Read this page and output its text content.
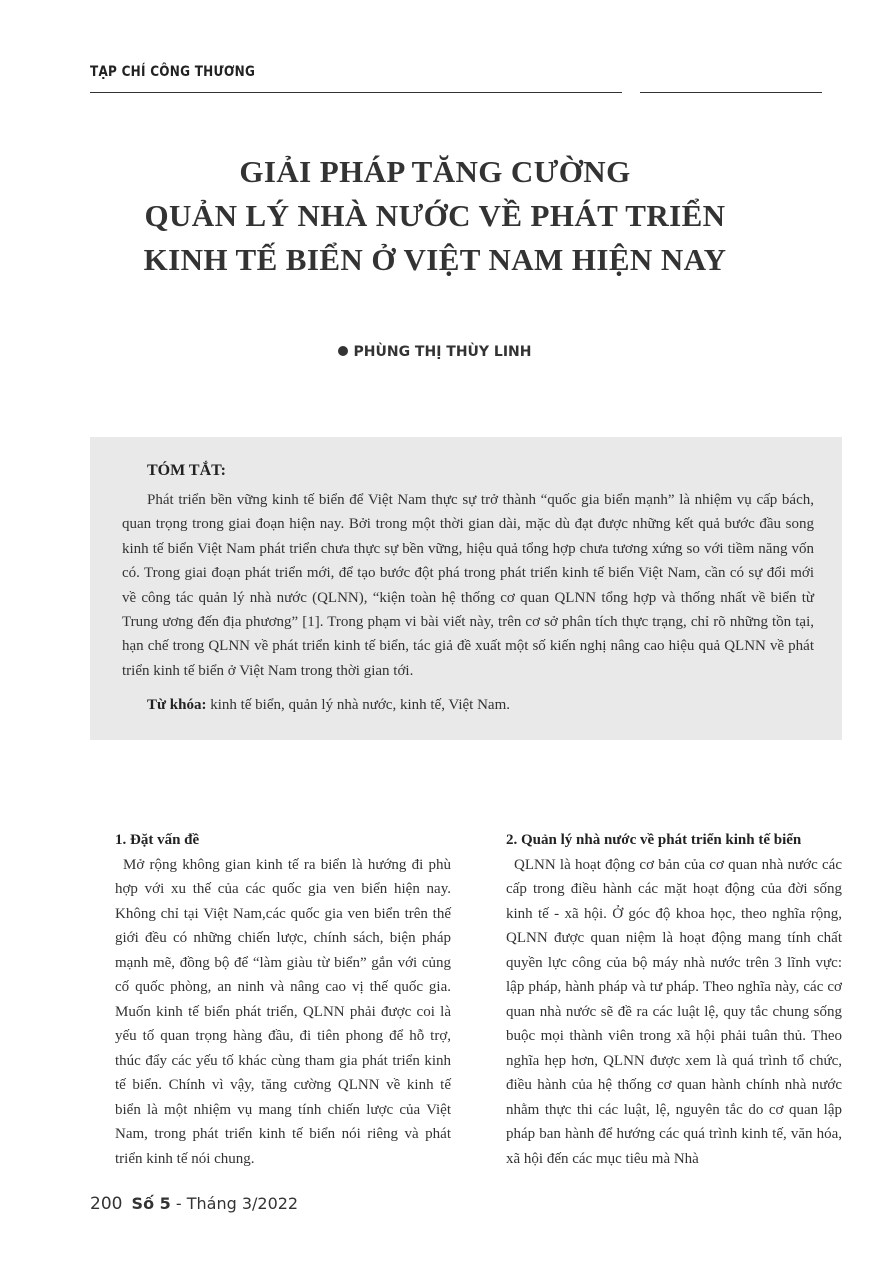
TẠP CHÍ CÔNG THƯƠNG
GIẢI PHÁP TĂNG CƯỜNG
QUẢN LÝ NHÀ NƯỚC VỀ PHÁT TRIỂN
KINH TẾ BIỂN Ở VIỆT NAM HIỆN NAY
PHÙNG THỊ THÙY LINH
TÓM TẮT:
Phát triển bền vững kinh tế biển để Việt Nam thực sự trở thành “quốc gia biển mạnh” là nhiệm vụ cấp bách, quan trọng trong giai đoạn hiện nay. Bởi trong một thời gian dài, mặc dù đạt được những kết quả bước đầu song kinh tế biển Việt Nam phát triển chưa thực sự bền vững, hiệu quả tổng hợp chưa tương xứng so với tiềm năng vốn có. Trong giai đoạn phát triển mới, để tạo bước đột phá trong phát triển kinh tế biển Việt Nam, cần có sự đổi mới về công tác quản lý nhà nước (QLNN), “kiện toàn hệ thống cơ quan QLNN tổng hợp và thống nhất về biển từ Trung ương đến địa phương” [1]. Trong phạm vi bài viết này, trên cơ sở phân tích thực trạng, chỉ rõ những tồn tại, hạn chế trong QLNN về phát triển kinh tế biển, tác giả đề xuất một số kiến nghị nâng cao hiệu quả QLNN về phát triển kinh tế biển ở Việt Nam trong thời gian tới.
Từ khóa: kinh tế biển, quản lý nhà nước, kinh tế, Việt Nam.
1. Đặt vấn đề

Mở rộng không gian kinh tế ra biển là hướng đi phù hợp với xu thế của các quốc gia ven biển hiện nay. Không chỉ tại Việt Nam,các quốc gia ven biển trên thế giới đều có những chiến lược, chính sách, biện pháp mạnh mẽ, đồng bộ để “làm giàu từ biển” gắn với củng cố quốc phòng, an ninh và nâng cao vị thế quốc gia. Muốn kinh tế biển phát triển, QLNN phải được coi là yếu tố quan trọng hàng đầu, đi tiên phong để hỗ trợ, thúc đẩy các yếu tố khác cùng tham gia phát triển kinh tế biển. Chính vì vậy, tăng cường QLNN về kinh tế biển là một nhiệm vụ mang tính chiến lược của Việt Nam, trong phát triển kinh tế biển nói riêng và phát triển kinh tế nói chung.

2. Quản lý nhà nước về phát triển kinh tế biển

QLNN là hoạt động cơ bản của cơ quan nhà nước các cấp trong điều hành các mặt hoạt động của đời sống kinh tế - xã hội. Ở góc độ khoa học, theo nghĩa rộng, QLNN được quan niệm là hoạt động mang tính chất quyền lực công của bộ máy nhà nước trên 3 lĩnh vực: lập pháp, hành pháp và tư pháp. Theo nghĩa này, các cơ quan nhà nước sẽ đề ra các luật lệ, quy tắc chung sống buộc mọi thành viên trong xã hội phải tuân thủ. Theo nghĩa hẹp hơn, QLNN được xem là quá trình tổ chức, điều hành của hệ thống cơ quan hành chính nhà nước nhằm thực thi các luật, lệ, nguyên tắc do cơ quan lập pháp ban hành để hướng các quá trình kinh tế, văn hóa, xã hội đến các mục tiêu mà Nhà

200 Số 5 - Tháng 3/2022
